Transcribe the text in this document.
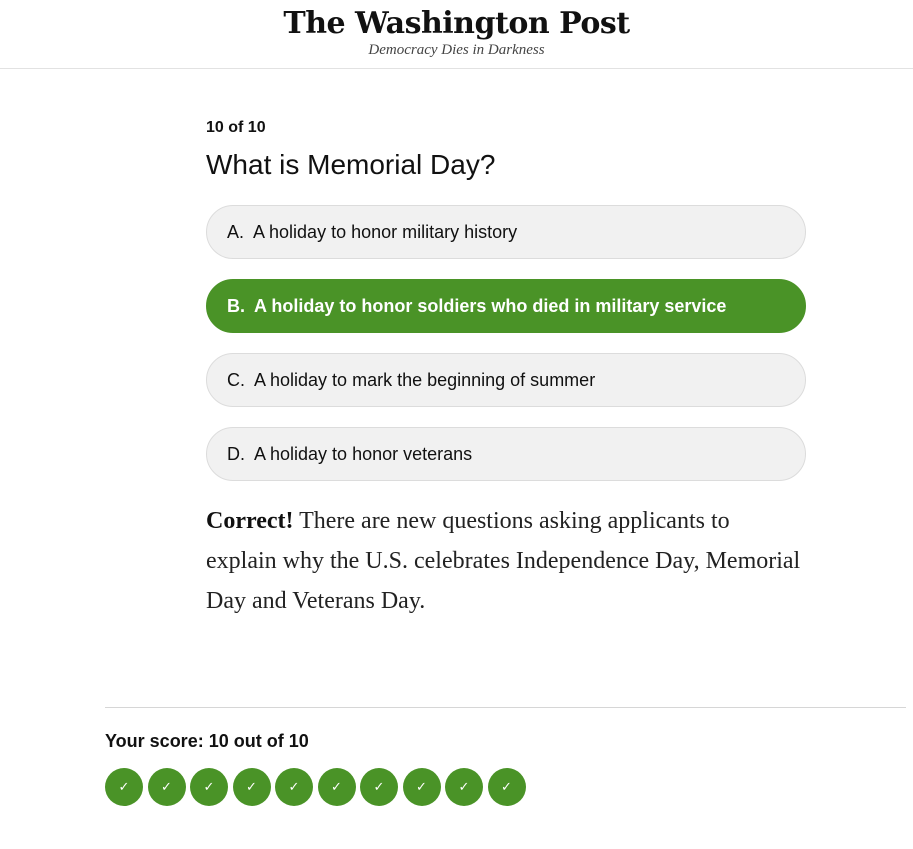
The Washington Post
Democracy Dies in Darkness
10 of 10
What is Memorial Day?
A. A holiday to honor military history
B. A holiday to honor soldiers who died in military service
C. A holiday to mark the beginning of summer
D. A holiday to honor veterans

Correct! There are new questions asking applicants to explain why the U.S. celebrates Independence Day, Memorial Day and Veterans Day.

Your score: 10 out of 10
✓ ✓ ✓ ✓ ✓ ✓ ✓ ✓ ✓ ✓
